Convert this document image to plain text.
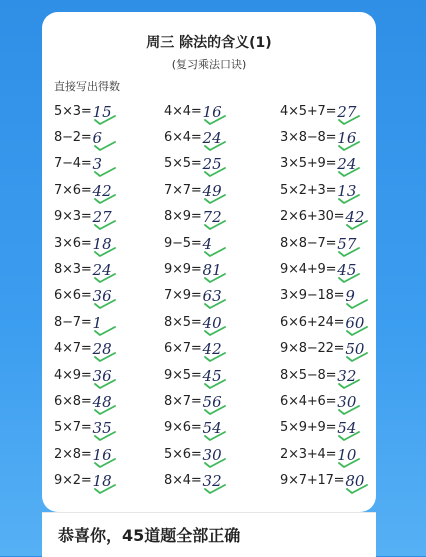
周三 除法的含义(1)
(复习乘法口诀)
直接写出得数
5×3= 15	4×4= 16	4×5+7= 27
8−2= 6	6×4= 24	3×8−8= 16
7−4= 3	5×5= 25	3×5+9= 24
7×6= 42	7×7= 49	5×2+3= 13
9×3= 27	8×9= 72	2×6+30= 42
3×6= 18	9−5= 4	8×8−7= 57
8×3= 24	9×9= 81	9×4+9= 45
6×6= 36	7×9= 63	3×9−18= 9
8−7= 1	8×5= 40	6×6+24= 60
4×7= 28	6×7= 42	9×8−22= 50
4×9= 36	9×5= 45	8×5−8= 32
6×8= 48	8×7= 56	6×4+6= 30
5×7= 35	9×6= 54	5×9+9= 54
2×8= 16	5×6= 30	2×3+4= 10
9×2= 18	8×4= 32	9×7+17= 80
恭喜你，45道题全部正确
